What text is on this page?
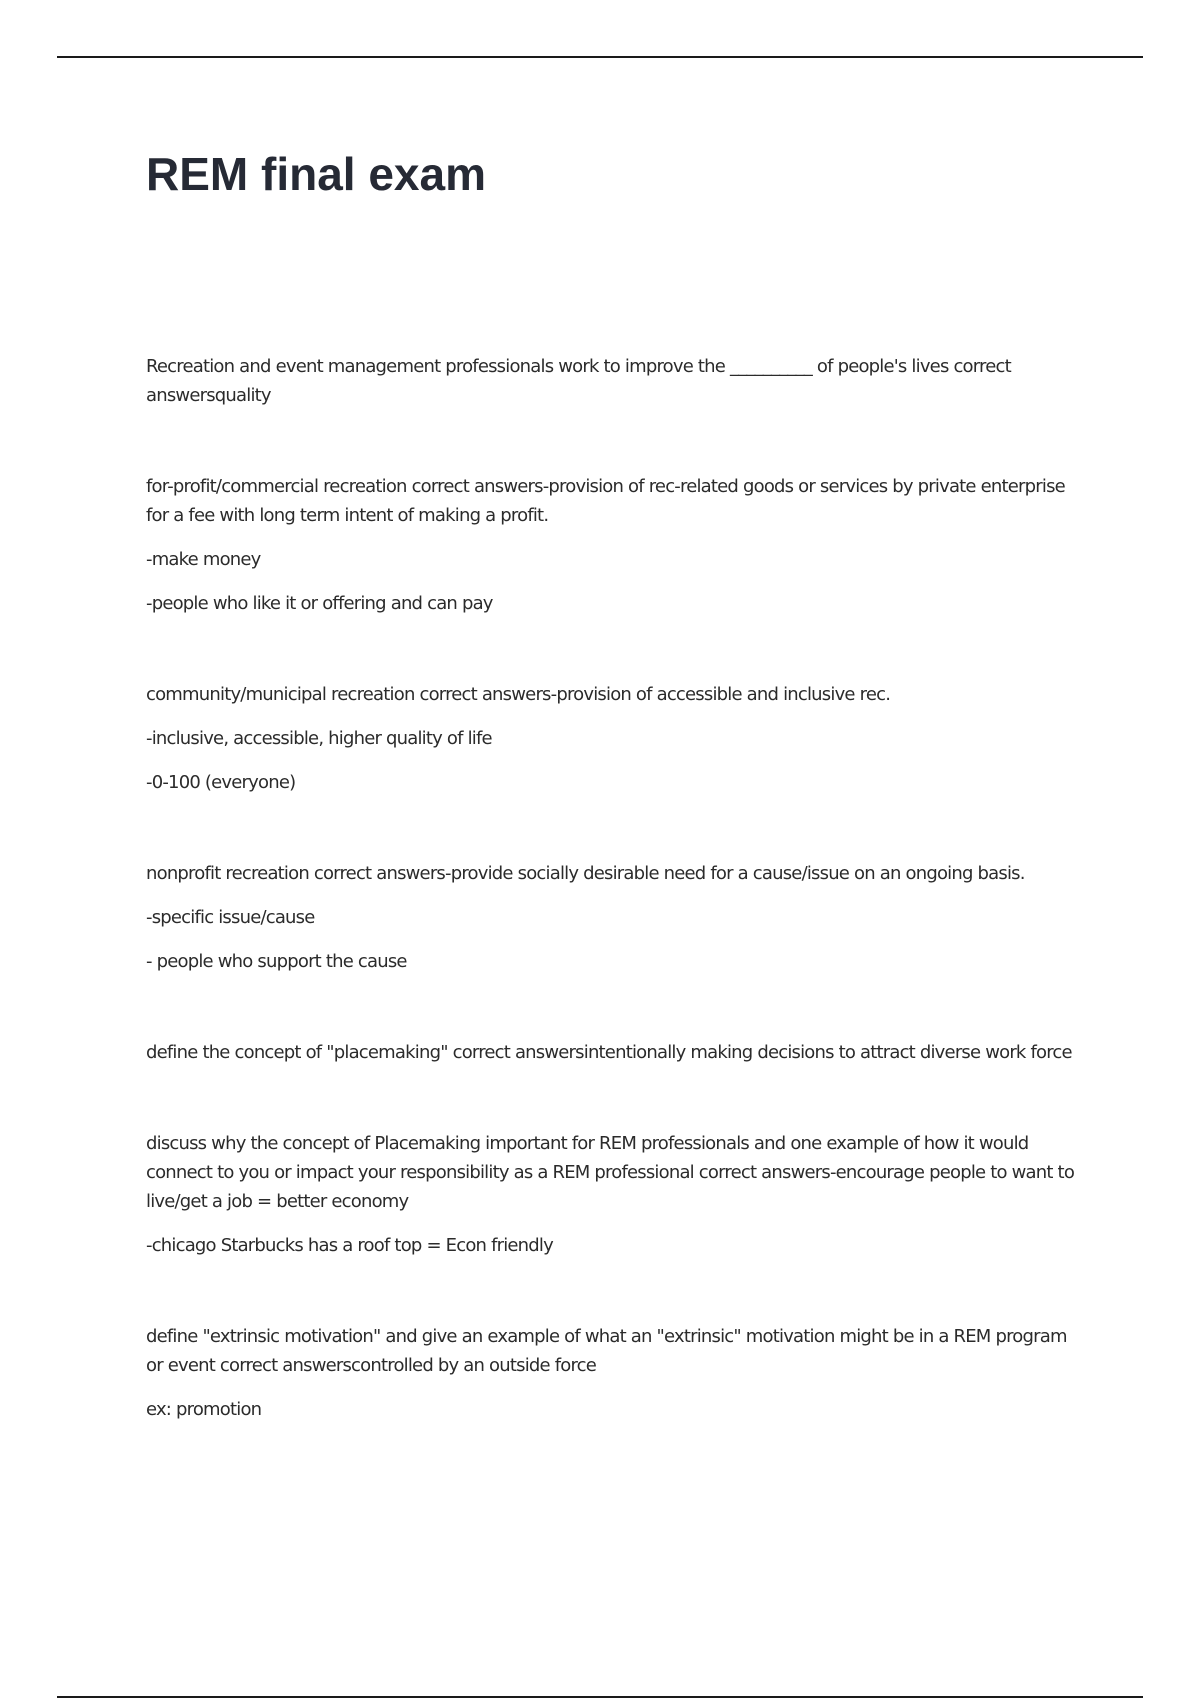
REM final exam

Recreation and event management professionals work to improve the __________ of people's lives correct answersquality

for-profit/commercial recreation correct answers-provision of rec-related goods or services by private enterprise for a fee with long term intent of making a profit.

-make money

-people who like it or offering and can pay

community/municipal recreation correct answers-provision of accessible and inclusive rec.

-inclusive, accessible, higher quality of life

-0-100 (everyone)

nonprofit recreation correct answers-provide socially desirable need for a cause/issue on an ongoing basis.

-specific issue/cause

- people who support the cause

define the concept of "placemaking" correct answersintentionally making decisions to attract diverse work force

discuss why the concept of Placemaking important for REM professionals and one example of how it would connect to you or impact your responsibility as a REM professional correct answers-encourage people to want to live/get a job = better economy

-chicago Starbucks has a roof top = Econ friendly

define "extrinsic motivation" and give an example of what an "extrinsic" motivation might be in a REM program or event correct answerscontrolled by an outside force

ex: promotion
